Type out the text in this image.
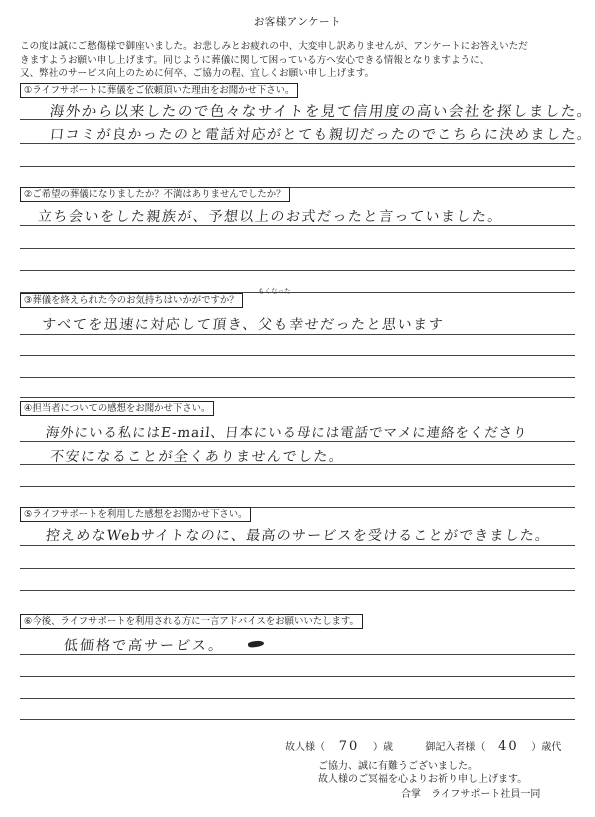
お客様アンケート
この度は誠にご愁傷様で御座いました。お悲しみとお疲れの中、大変申し訳ありませんが、アンケートにお答えいただ
きますようお願い申し上げます。同じように葬儀に関して困っている方へ安心できる情報となりますように、
又、弊社のサービス向上のために何卒、ご協力の程、宜しくお願い申し上げます。
①ライフサポートに葬儀をご依頼頂いた理由をお聞かせ下さい。
海外から以来したので色々なサイトを見て信用度の高い会社を探しました。
口コミが良かったのと電話対応がとても親切だったのでこちらに決めました。
②ご希望の葬儀になりましたか？不満はありませんでしたか？
立ち会いをした親族が、予想以上のお式だったと言っていました。
③葬儀を終えられた今のお気持ちはいかがですか？
もくなった
すべてを迅速に対応して頂き、父も幸せだったと思います
④担当者についての感想をお聞かせ下さい。
海外にいる私にはE-mail、日本にいる母には電話でマメに連絡をくださり
不安になることが全くありませんでした。
⑤ライフサポートを利用した感想をお聞かせ下さい。
控えめなWebサイトなのに、最高のサービスを受けることができました。
⑥今後、ライフサポートを利用される方に一言アドバイスをお願いいたします。
低価格で高サービス。
故人様（ 70 ）歳	御記入者様（ 40 ）歳代
ご協力、誠に有難うございました。
故人様のご冥福を心よりお祈り申し上げます。
合掌　ライフサポート社員一同
